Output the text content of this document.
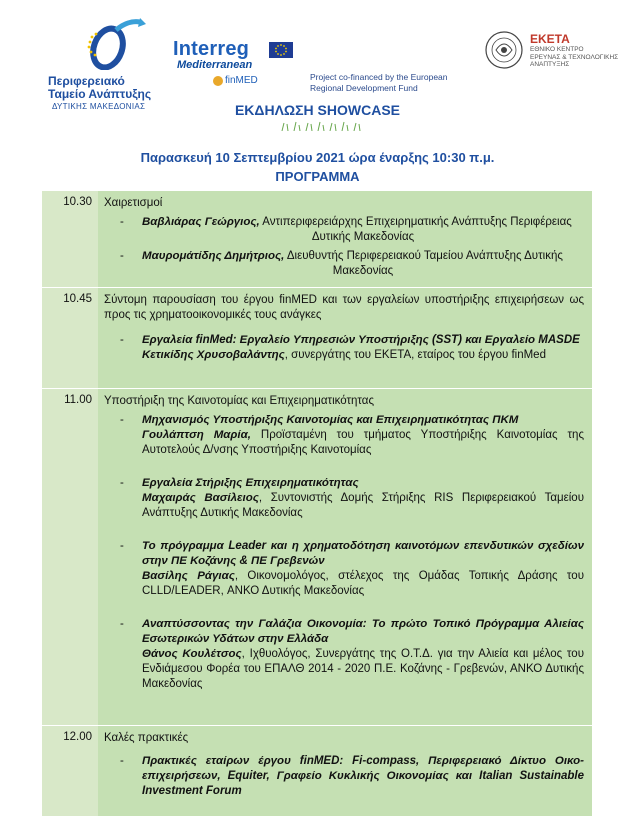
Περιφερειακό
Ταμείο Ανάπτυξης
ΔΥΤΙΚΗΣ ΜΑΚΕΔΟΝΙΑΣ
Interreg
Mediterranean
finMED	Project co-financed by the European
Regional Development Fund
ΕΚΕΤΑ
ΕΘΝΙΚΟ ΚΕΝΤΡΟ
ΕΡΕΥΝΑΣ & ΤΕΧΝΟΛΟΓΙΚΗΣ
ΑΝΑΠΤΥΞΗΣ
ΕΚΔΗΛΩΣΗ SHOWCASE
Παρασκευή 10 Σεπτεμβρίου 2021 ώρα έναρξης 10:30 π.μ.
ΠΡΟΓΡΑΜΜΑ
10.30	Χαιρετισμοί
-	Βαβλιάρας Γεώργιος, Αντιπεριφερειάρχης Επιχειρηματικής Ανάπτυξης Περιφέρειας
Δυτικής Μακεδονίας
-	Μαυρομάτίδης Δημήτριος, Διευθυντής Περιφερειακού Ταμείου Ανάπτυξης Δυτικής
Μακεδονίας
10.45	Σύντομη παρουσίαση του έργου finMED και των εργαλείων υποστήριξης επιχειρήσεων ως προς τις χρηματοοικονομικές τους ανάγκες
-	Εργαλεία finMed: Εργαλείο Υπηρεσιών Υποστήριξης (SST) και Εργαλείο MASDE
Κετικίδης Χρυσοβαλάντης, συνεργάτης του ΕΚΕΤΑ, εταίρος του έργου finMed
11.00	Υποστήριξη της Καινοτομίας και Επιχειρηματικότητας
-	Μηχανισμός Υποστήριξης Καινοτομίας και Επιχειρηματικότητας ΠΚΜ
Γουλάπτση Μαρία, Προϊσταμένη του τμήματος Υποστήριξης Καινοτομίας της Αυτοτελούς Δ/νσης Υποστήριξης Καινοτομίας
-	Εργαλεία Στήριξης Επιχειρηματικότητας
Μαχαιράς Βασίλειος, Συντονιστής Δομής Στήριξης RIS Περιφερειακού Ταμείου Ανάπτυξης Δυτικής Μακεδονίας
-	Το πρόγραμμα Leader και η χρηματοδότηση καινοτόμων επενδυτικών σχεδίων στην ΠΕ Κοζάνης & ΠΕ Γρεβενών
Βασίλης Ράγιας, Οικονομολόγος, στέλεχος της Ομάδας Τοπικής Δράσης του CLLD/LEADER, ΑΝΚΟ Δυτικής Μακεδονίας
-	Αναπτύσσοντας την Γαλάζια Οικονομία: Το πρώτο Τοπικό Πρόγραμμα Αλιείας Εσωτερικών Υδάτων στην Ελλάδα
Θάνος Κουλέτσος, Ιχθυολόγος, Συνεργάτης της Ο.Τ.Δ. για την Αλιεία και μέλος του Ενδιάμεσου Φορέα του ΕΠΑΛΘ 2014 - 2020 Π.Ε. Κοζάνης - Γρεβενών, ΑΝΚΟ Δυτικής Μακεδονίας
12.00	Καλές πρακτικές
-	Πρακτικές εταίρων έργου finMED: Fi-compass, Περιφερειακό Δίκτυο Οικο-επιχειρήσεων, Equiter, Γραφείο Κυκλικής Οικονομίας και Italian Sustainable Investment Forum
